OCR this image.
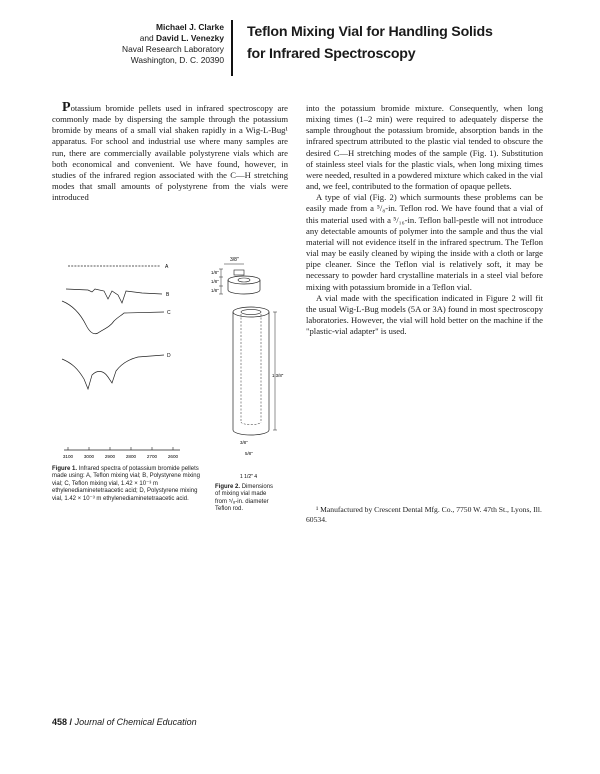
Michael J. Clarke
and David L. Venezky
Naval Research Laboratory
Washington, D. C. 20390
Teflon Mixing Vial for Handling Solids
for Infrared Spectroscopy

Potassium bromide pellets used in infrared spectroscopy are commonly made by dispersing the sample through the potassium bromide by means of a small vial shaken rapidly in a Wig-L-Bug¹ apparatus. For school and industrial use where many samples are run, there are commercially available polystyrene vials which are both economical and convenient. We have found, however, in studies of the infrared region associated with the C—H stretching modes that small amounts of polystyrene from the vials were introduced

A
B
C
D
3100 3000 2900 2800 2700 2600
3/8"
1/8"
1/8"
1/8"
1 3/8"
5/8"
3/8"
1 1/2" 4
Figure 1. Infrared spectra of potassium bromide pellets made using: A, Teflon mixing vial; B, Polystyrene mixing vial; C, Teflon mixing vial, 1.42 × 10⁻³ m ethylenediaminetetraacetic acid; D, Polystyrene mixing vial, 1.42 × 10⁻³ m ethylenediaminetetraacetic acid.
Figure 2. Dimensions of mixing vial made from ⁵/₈-in. diameter Teflon rod.

into the potassium bromide mixture. Consequently, when long mixing times (1–2 min) were required to adequately disperse the sample throughout the potassium bromide, absorption bands in the infrared spectrum attributed to the plastic vial tended to obscure the desired C—H stretching modes of the sample (Fig. 1). Substitution of stainless steel vials for the plastic vials, when long mixing times were needed, resulted in a powdered mixture which caked in the vial and, we feel, contributed to the formation of opaque pellets.

A type of vial (Fig. 2) which surmounts these problems can be easily made from a ⁵/₈-in. Teflon rod. We have found that a vial of this material used with a ⁵/₁₆-in. Teflon ball-pestle will not introduce any detectable amounts of polymer into the sample and thus the vial material will not evidence itself in the infrared spectrum. The Teflon vial may be easily cleaned by wiping the inside with a cloth or large pipe cleaner. Since the Teflon vial is relatively soft, it may be necessary to powder hard crystalline materials in a steel vial before mixing with potassium bromide in a Teflon vial.

A vial made with the specification indicated in Figure 2 will fit the usual Wig-L-Bug models (5A or 3A) found in most spectroscopy laboratories. However, the vial will hold better on the machine if the "plastic-vial adapter" is used.

¹ Manufactured by Crescent Dental Mfg. Co., 7750 W. 47th St., Lyons, Ill. 60534.

458 / Journal of Chemical Education
